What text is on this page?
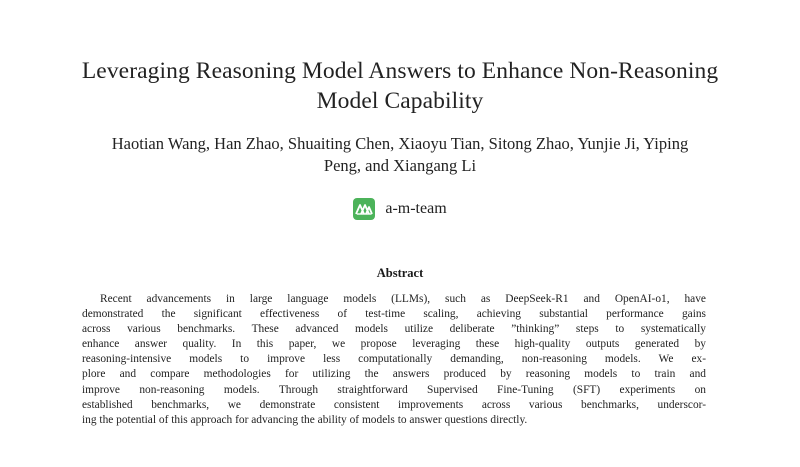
Leveraging Reasoning Model Answers to Enhance Non-Reasoning
Model Capability
Haotian Wang, Han Zhao, Shuaiting Chen, Xiaoyu Tian, Sitong Zhao, Yunjie Ji, Yiping
Peng, and Xiangang Li
a-m-team
Abstract
Recent advancements in large language models (LLMs), such as DeepSeek-R1 and OpenAI-o1, have
demonstrated the significant effectiveness of test-time scaling, achieving substantial performance gains
across various benchmarks. These advanced models utilize deliberate ”thinking” steps to systematically
enhance answer quality. In this paper, we propose leveraging these high-quality outputs generated by
reasoning-intensive models to improve less computationally demanding, non-reasoning models. We ex-
plore and compare methodologies for utilizing the answers produced by reasoning models to train and
improve non-reasoning models. Through straightforward Supervised Fine-Tuning (SFT) experiments on
established benchmarks, we demonstrate consistent improvements across various benchmarks, underscor-
ing the potential of this approach for advancing the ability of models to answer questions directly.
